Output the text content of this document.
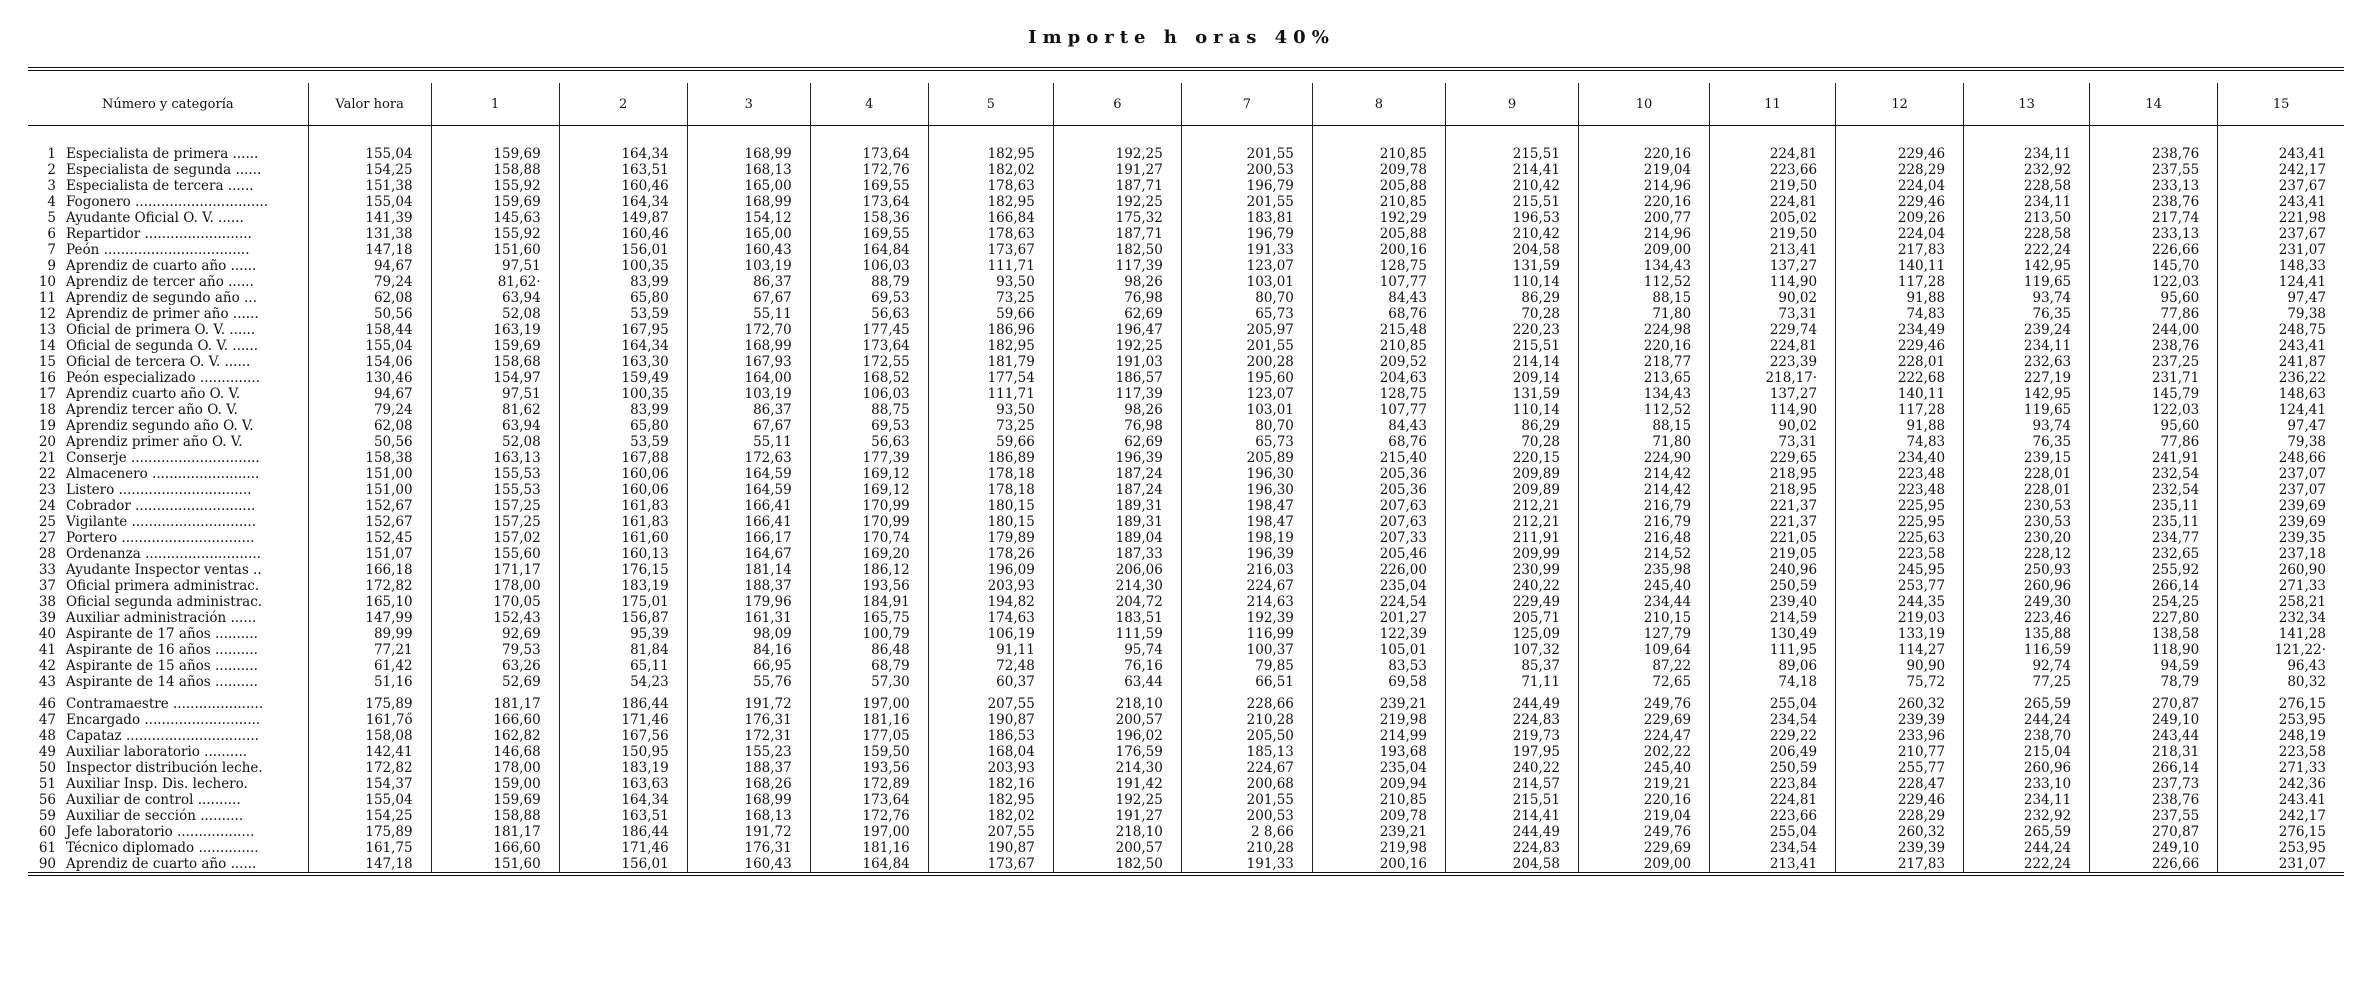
Importe h oras 40%

Número y categoría	Valor hora	1	2	3	4	5	6	7	8	9	10	11	12	13	14	15

1 Especialista de primera ......	155,04	159,69	164,34	168,99	173,64	182,95	192,25	201,55	210,85	215,51	220,16	224,81	229,46	234,11	238,76	243,41
2 Especialista de segunda ......	154,25	158,88	163,51	168,13	172,76	182,02	191,27	200,53	209,78	214,41	219,04	223,66	228,29	232,92	237,55	242,17
3 Especialista de tercera ......	151,38	155,92	160,46	165,00	169,55	178,63	187,71	196,79	205,88	210,42	214,96	219,50	224,04	228,58	233,13	237,67
4 Fogonero ...............................	155,04	159,69	164,34	168,99	173,64	182,95	192,25	201,55	210,85	215,51	220,16	224,81	229,46	234,11	238,76	243,41
5 Ayudante Oficial O. V. ......	141,39	145,63	149,87	154,12	158,36	166,84	175,32	183,81	192,29	196,53	200,77	205,02	209,26	213,50	217,74	221,98
6 Repartidor .........................	131,38	155,92	160,46	165,00	169,55	178,63	187,71	196,79	205,88	210,42	214,96	219,50	224,04	228,58	233,13	237,67
7 Peón ..................................	147,18	151,60	156,01	160,43	164,84	173,67	182,50	191,33	200,16	204,58	209,00	213,41	217,83	222,24	226,66	231,07
9 Aprendiz de cuarto año ......	94,67	97,51	100,35	103,19	106,03	111,71	117,39	123,07	128,75	131,59	134,43	137,27	140,11	142,95	145,70	148,33
10 Aprendiz de tercer año ......	79,24	81,62·	83,99	86,37	88,79	93,50	98,26	103,01	107,77	110,14	112,52	114,90	117,28	119,65	122,03	124,41
11 Aprendiz de segundo año ...	62,08	63,94	65,80	67,67	69,53	73,25	76,98	80,70	84,43	86,29	88,15	90,02	91,88	93,74	95,60	97,47
12 Aprendiz de primer año ......	50,56	52,08	53,59	55,11	56,63	59,66	62,69	65,73	68,76	70,28	71,80	73,31	74,83	76,35	77,86	79,38
13 Oficial de primera O. V. ......	158,44	163,19	167,95	172,70	177,45	186,96	196,47	205,97	215,48	220,23	224,98	229,74	234,49	239,24	244,00	248,75
14 Oficial de segunda O. V. ......	155,04	159,69	164,34	168,99	173,64	182,95	192,25	201,55	210,85	215,51	220,16	224,81	229,46	234,11	238,76	243,41
15 Oficial de tercera O. V. ......	154,06	158,68	163,30	167,93	172,55	181,79	191,03	200,28	209,52	214,14	218,77	223,39	228,01	232,63	237,25	241,87
16 Peón especializado ..............	130,46	154,97	159,49	164,00	168,52	177,54	186,57	195,60	204,63	209,14	213,65	218,17·	222,68	227,19	231,71	236,22
17 Aprendiz cuarto año O. V.	94,67	97,51	100,35	103,19	106,03	111,71	117,39	123,07	128,75	131,59	134,43	137,27	140,11	142,95	145,79	148,63
18 Aprendiz tercer año O. V.	79,24	81,62	83,99	86,37	88,75	93,50	98,26	103,01	107,77	110,14	112,52	114,90	117,28	119,65	122,03	124,41
19 Aprendiz segundo año O. V.	62,08	63,94	65,80	67,67	69,53	73,25	76,98	80,70	84,43	86,29	88,15	90,02	91,88	93,74	95,60	97,47
20 Aprendiz primer año O. V.	50,56	52,08	53,59	55,11	56,63	59,66	62,69	65,73	68,76	70,28	71,80	73,31	74,83	76,35	77,86	79,38
21 Conserje ..............................	158,38	163,13	167,88	172,63	177,39	186,89	196,39	205,89	215,40	220,15	224,90	229,65	234,40	239,15	241,91	248,66
22 Almacenero .........................	151,00	155,53	160,06	164,59	169,12	178,18	187,24	196,30	205,36	209,89	214,42	218,95	223,48	228,01	232,54	237,07
23 Listero ...............................	151,00	155,53	160,06	164,59	169,12	178,18	187,24	196,30	205,36	209,89	214,42	218,95	223,48	228,01	232,54	237,07
24 Cobrador ............................	152,67	157,25	161,83	166,41	170,99	180,15	189,31	198,47	207,63	212,21	216,79	221,37	225,95	230,53	235,11	239,69
25 Vigilante .............................	152,67	157,25	161,83	166,41	170,99	180,15	189,31	198,47	207,63	212,21	216,79	221,37	225,95	230,53	235,11	239,69
27 Portero ...............................	152,45	157,02	161,60	166,17	170,74	179,89	189,04	198,19	207,33	211,91	216,48	221,05	225,63	230,20	234,77	239,35
28 Ordenanza ...........................	151,07	155,60	160,13	164,67	169,20	178,26	187,33	196,39	205,46	209,99	214,52	219,05	223,58	228,12	232,65	237,18
33 Ayudante Inspector ventas ..	166,18	171,17	176,15	181,14	186,12	196,09	206,06	216,03	226,00	230,99	235,98	240,96	245,95	250,93	255,92	260,90
37 Oficial primera administrac.	172,82	178,00	183,19	188,37	193,56	203,93	214,30	224,67	235,04	240,22	245,40	250,59	253,77	260,96	266,14	271,33
38 Oficial segunda administrac.	165,10	170,05	175,01	179,96	184,91	194,82	204,72	214,63	224,54	229,49	234,44	239,40	244,35	249,30	254,25	258,21
39 Auxiliar administración ......	147,99	152,43	156,87	161,31	165,75	174,63	183,51	192,39	201,27	205,71	210,15	214,59	219,03	223,46	227,80	232,34
40 Aspirante de 17 años ..........	89,99	92,69	95,39	98,09	100,79	106,19	111,59	116,99	122,39	125,09	127,79	130,49	133,19	135,88	138,58	141,28
41 Aspirante de 16 años ..........	77,21	79,53	81,84	84,16	86,48	91,11	95,74	100,37	105,01	107,32	109,64	111,95	114,27	116,59	118,90	121,22·
42 Aspirante de 15 años ..........	61,42	63,26	65,11	66,95	68,79	72,48	76,16	79,85	83,53	85,37	87,22	89,06	90,90	92,74	94,59	96,43
43 Aspirante de 14 años ..........	51,16	52,69	54,23	55,76	57,30	60,37	63,44	66,51	69,58	71,11	72,65	74,18	75,72	77,25	78,79	80,32

46 Contramaestre .....................	175,89	181,17	186,44	191,72	197,00	207,55	218,10	228,66	239,21	244,49	249,76	255,04	260,32	265,59	270,87	276,15
47 Encargado ...........................	161,7ő	166,60	171,46	176,31	181,16	190,87	200,57	210,28	219,98	224,83	229,69	234,54	239,39	244,24	249,10	253,95
48 Capataz ...............................	158,08	162,82	167,56	172,31	177,05	186,53	196,02	205,50	214,99	219,73	224,47	229,22	233,96	238,70	243,44	248,19
49 Auxiliar laboratorio ..........	142,41	146,68	150,95	155,23	159,50	168,04	176,59	185,13	193,68	197,95	202,22	206,49	210,77	215,04	218,31	223,58
50 Inspector distribución leche.	172,82	178,00	183,19	188,37	193,56	203,93	214,30	224,67	235,04	240,22	245,40	250,59	255,77	260,96	266,14	271,33
51 Auxiliar Insp. Dis. lechero.	154,37	159,00	163,63	168,26	172,89	182,16	191,42	200,68	209,94	214,57	219,21	223,84	228,47	233,10	237,73	242,36
56 Auxiliar de control ..........	155,04	159,69	164,34	168,99	173,64	182,95	192,25	201,55	210,85	215,51	220,16	224,81	229,46	234,11	238,76	243.41
59 Auxiliar de sección ..........	154,25	158,88	163,51	168,13	172,76	182,02	191,27	200,53	209,78	214,41	219,04	223,66	228,29	232,92	237,55	242,17
60 Jefe laboratorio ..................	175,89	181,17	186,44	191,72	197,00	207,55	218,10	2 8,66	239,21	244,49	249,76	255,04	260,32	265,59	270,87	276,15
61 Técnico diplomado ..............	161,75	166,60	171,46	176,31	181,16	190,87	200,57	210,28	219,98	224,83	229,69	234,54	239,39	244,24	249,10	253,95
90 Aprendiz de cuarto año ......	147,18	151,60	156,01	160,43	164,84	173,67	182,50	191,33	200,16	204,58	209,00	213,41	217,83	222,24	226,66	231,07
